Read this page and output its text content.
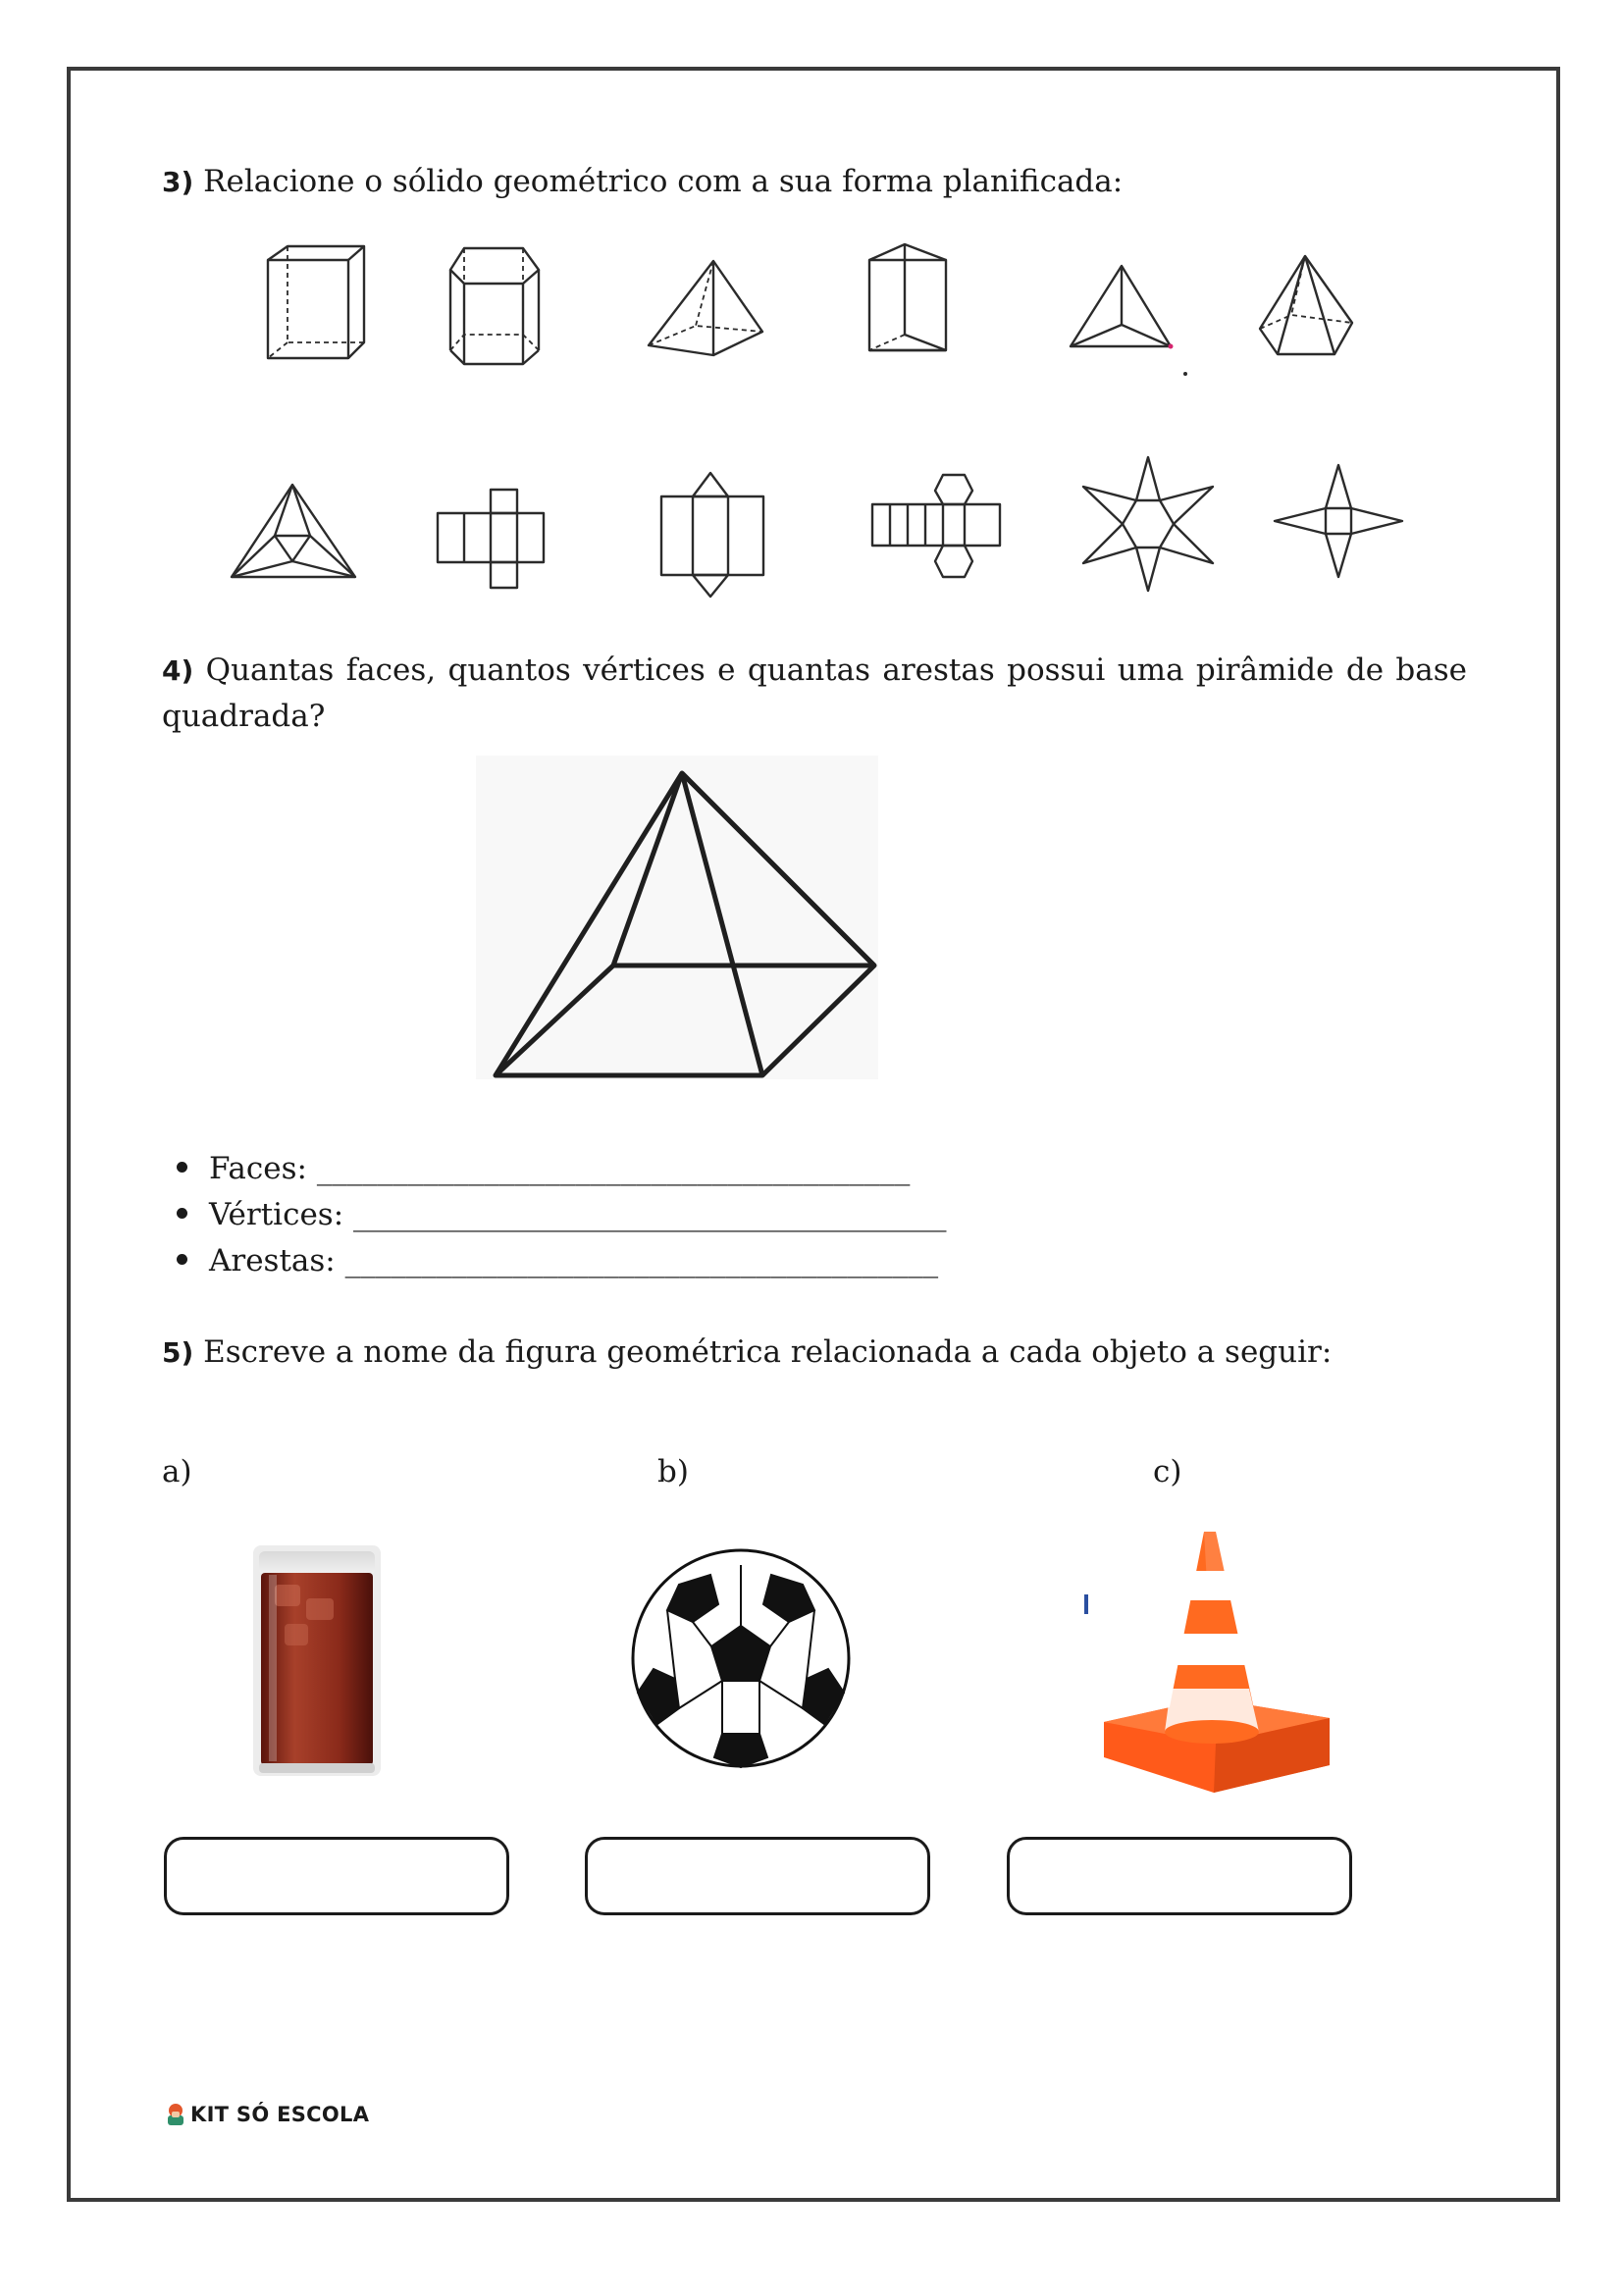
3) Relacione o sólido geométrico com a sua forma planificada:
4) Quantas faces, quantos vértices e quantas arestas possui uma pirâmide de base quadrada?
Faces: _______________________________________
Vértices: _______________________________________
Arestas: _______________________________________
5) Escreve a nome da figura geométrica relacionada a cada objeto a seguir:
a)	b)	c)
KIT SÓ ESCOLA
